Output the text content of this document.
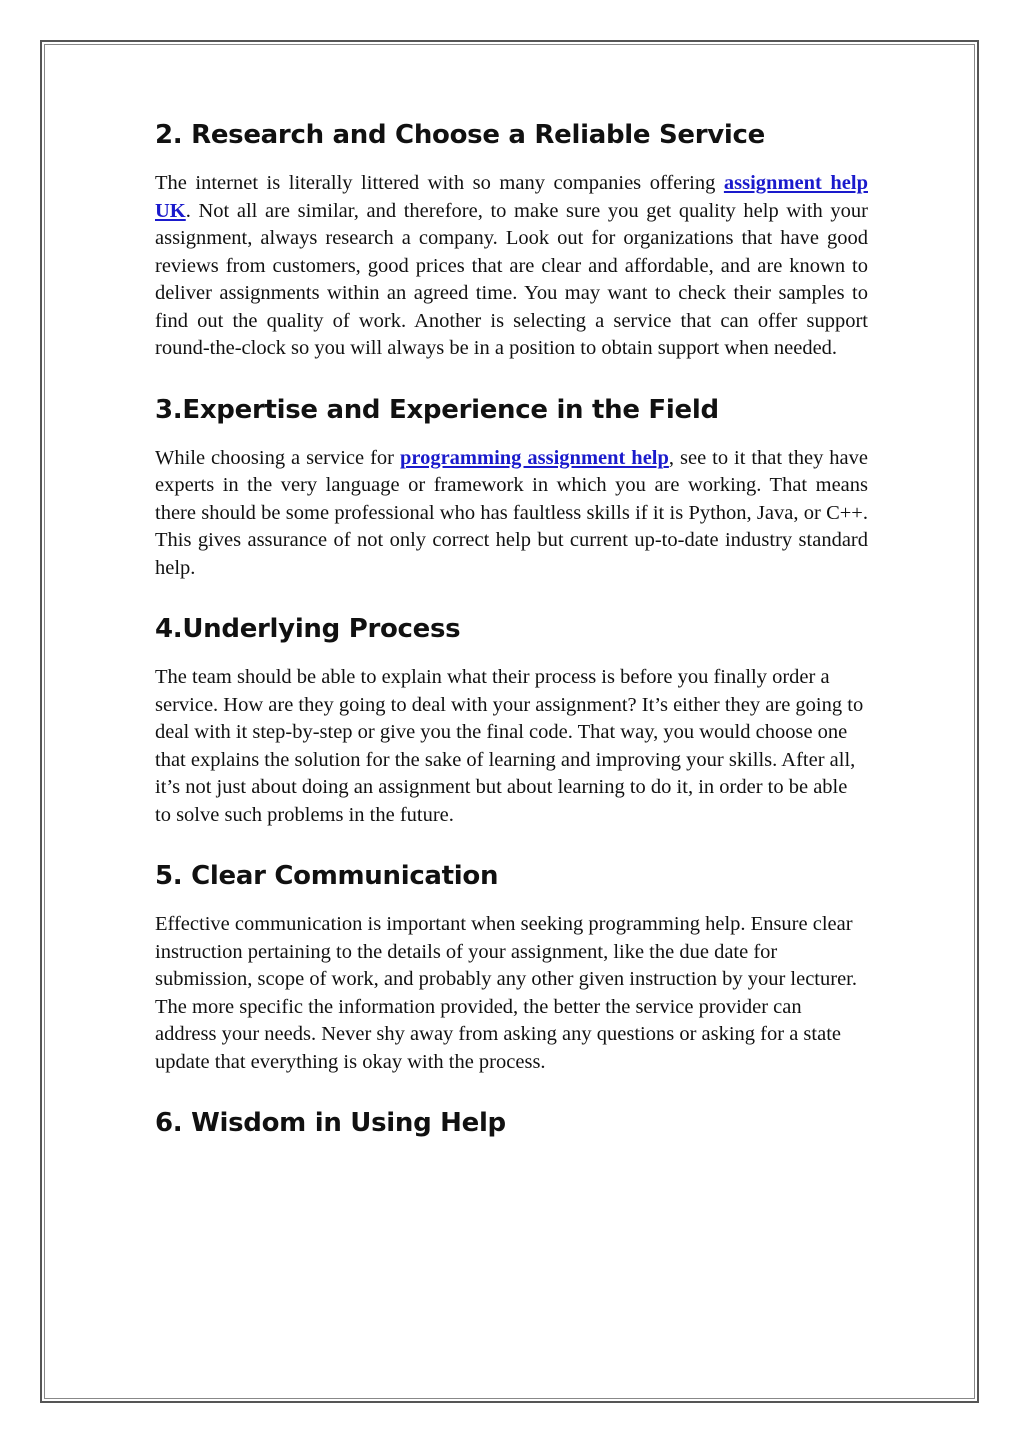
2. Research and Choose a Reliable Service

The internet is literally littered with so many companies offering assignment help UK. Not all are similar, and therefore, to make sure you get quality help with your assignment, always research a company. Look out for organizations that have good reviews from customers, good prices that are clear and affordable, and are known to deliver assignments within an agreed time. You may want to check their samples to find out the quality of work. Another is selecting a service that can offer support round-the-clock so you will always be in a position to obtain support when needed.

3.Expertise and Experience in the Field

While choosing a service for programming assignment help, see to it that they have experts in the very language or framework in which you are working. That means there should be some professional who has faultless skills if it is Python, Java, or C++. This gives assurance of not only correct help but current up-to-date industry standard help.

4.Underlying Process

The team should be able to explain what their process is before you finally order a service. How are they going to deal with your assignment? It’s either they are going to deal with it step-by-step or give you the final code. That way, you would choose one that explains the solution for the sake of learning and improving your skills. After all, it’s not just about doing an assignment but about learning to do it, in order to be able to solve such problems in the future.

5. Clear Communication

Effective communication is important when seeking programming help. Ensure clear instruction pertaining to the details of your assignment, like the due date for submission, scope of work, and probably any other given instruction by your lecturer. The more specific the information provided, the better the service provider can address your needs. Never shy away from asking any questions or asking for a state update that everything is okay with the process.

6. Wisdom in Using Help
